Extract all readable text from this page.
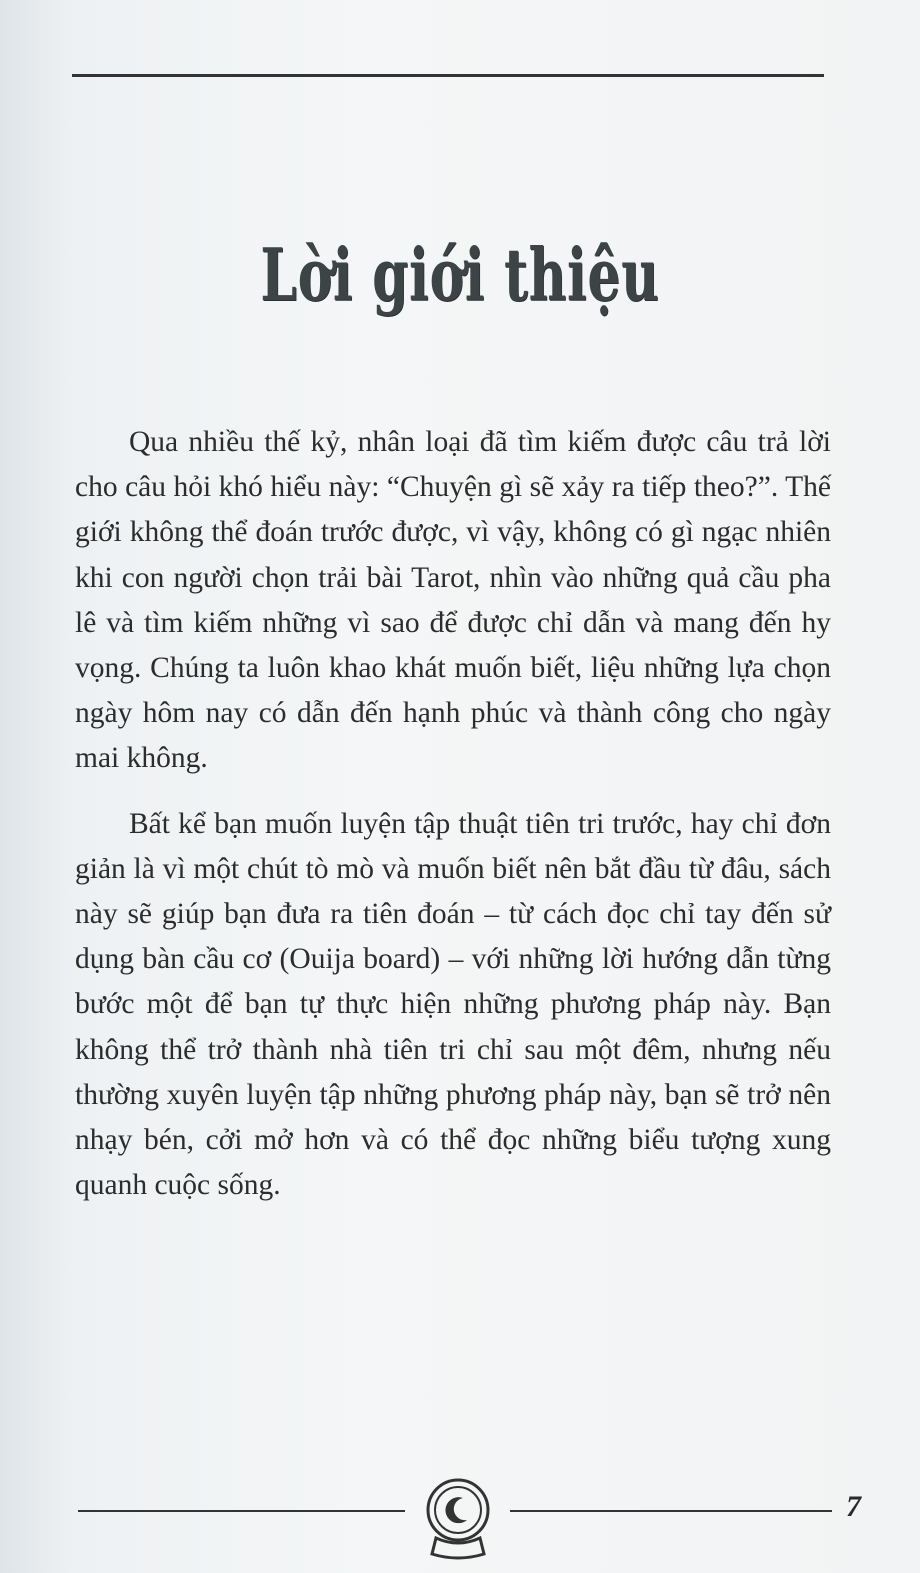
Lời giới thiệu

Qua nhiều thế kỷ, nhân loại đã tìm kiếm được câu trả lời cho câu hỏi khó hiểu này: “Chuyện gì sẽ xảy ra tiếp theo?”. Thế giới không thể đoán trước được, vì vậy, không có gì ngạc nhiên khi con người chọn trải bài Tarot, nhìn vào những quả cầu pha lê và tìm kiếm những vì sao để được chỉ dẫn và mang đến hy vọng. Chúng ta luôn khao khát muốn biết, liệu những lựa chọn ngày hôm nay có dẫn đến hạnh phúc và thành công cho ngày mai không.

Bất kể bạn muốn luyện tập thuật tiên tri trước, hay chỉ đơn giản là vì một chút tò mò và muốn biết nên bắt đầu từ đâu, sách này sẽ giúp bạn đưa ra tiên đoán – từ cách đọc chỉ tay đến sử dụng bàn cầu cơ (Ouija board) – với những lời hướng dẫn từng bước một để bạn tự thực hiện những phương pháp này. Bạn không thể trở thành nhà tiên tri chỉ sau một đêm, nhưng nếu thường xuyên luyện tập những phương pháp này, bạn sẽ trở nên nhạy bén, cởi mở hơn và có thể đọc những biểu tượng xung quanh cuộc sống.

7
